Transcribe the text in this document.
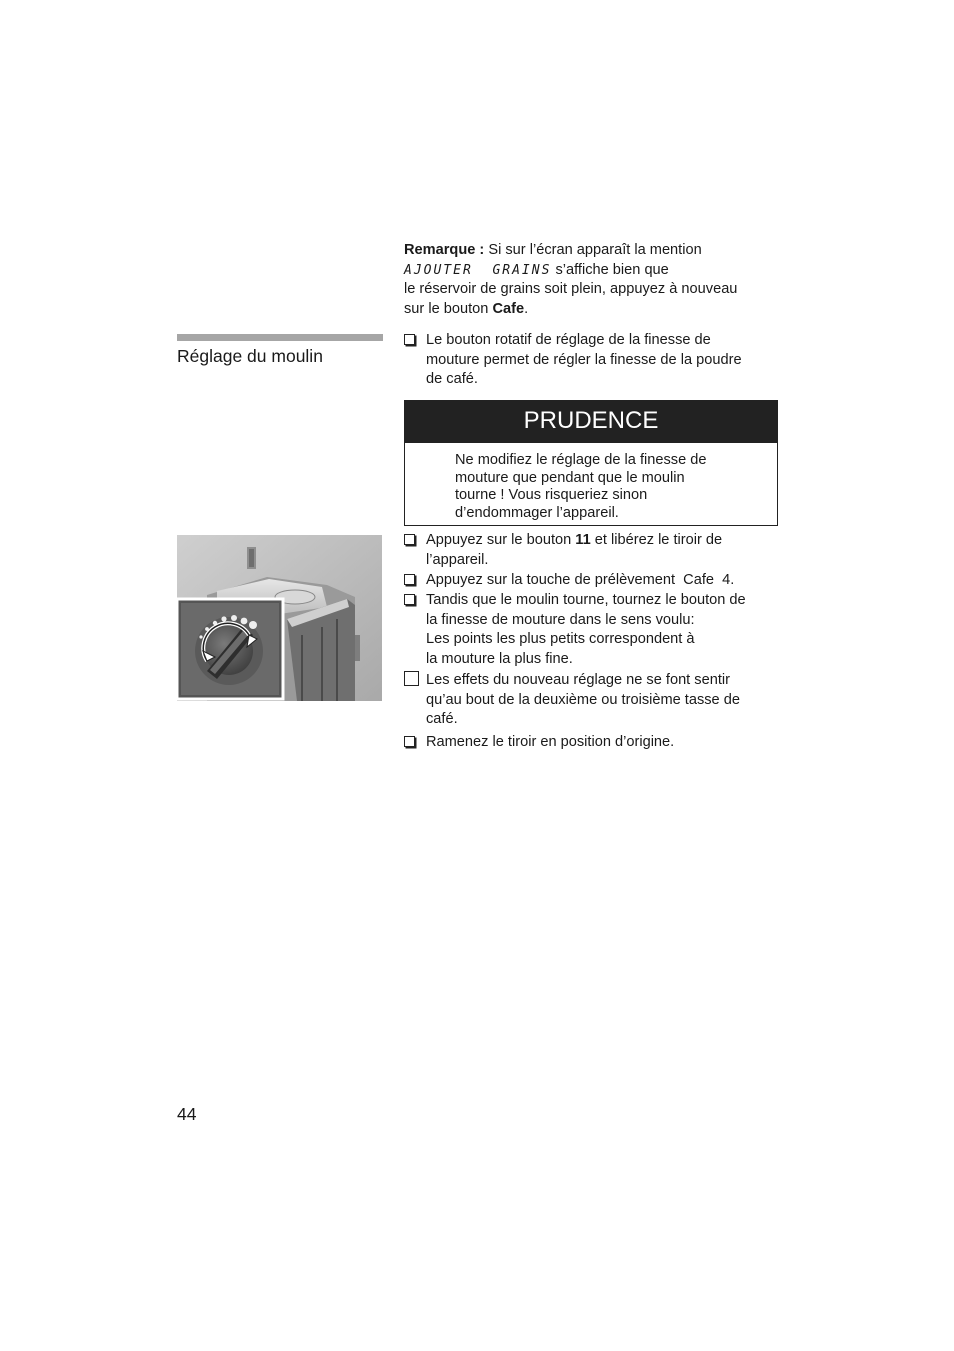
Remarque : Si sur l’écran apparaît la mention
AJOUTER  GRAINS s’affiche bien que
le réservoir de grains soit plein, appuyez à nouveau
sur le bouton Cafe.
Réglage du moulin
Le bouton rotatif de réglage de la finesse de
mouture permet de régler la finesse de la poudre
de café.
PRUDENCE
Ne modifiez le réglage de la finesse de
mouture que pendant que le moulin
tourne ! Vous risqueriez sinon
d’endommager l’appareil.
Appuyez sur le bouton 11 et libérez le tiroir de
l’appareil.
Appuyez sur la touche de prélèvement Cafe 4.
Tandis que le moulin tourne, tournez le bouton de
la finesse de mouture dans le sens voulu:
Les points les plus petits correspondent à
la mouture la plus fine.
Les effets du nouveau réglage ne se font sentir
qu’au bout de la deuxième ou troisième tasse de
café.
Ramenez le tiroir en position d’origine.
44
